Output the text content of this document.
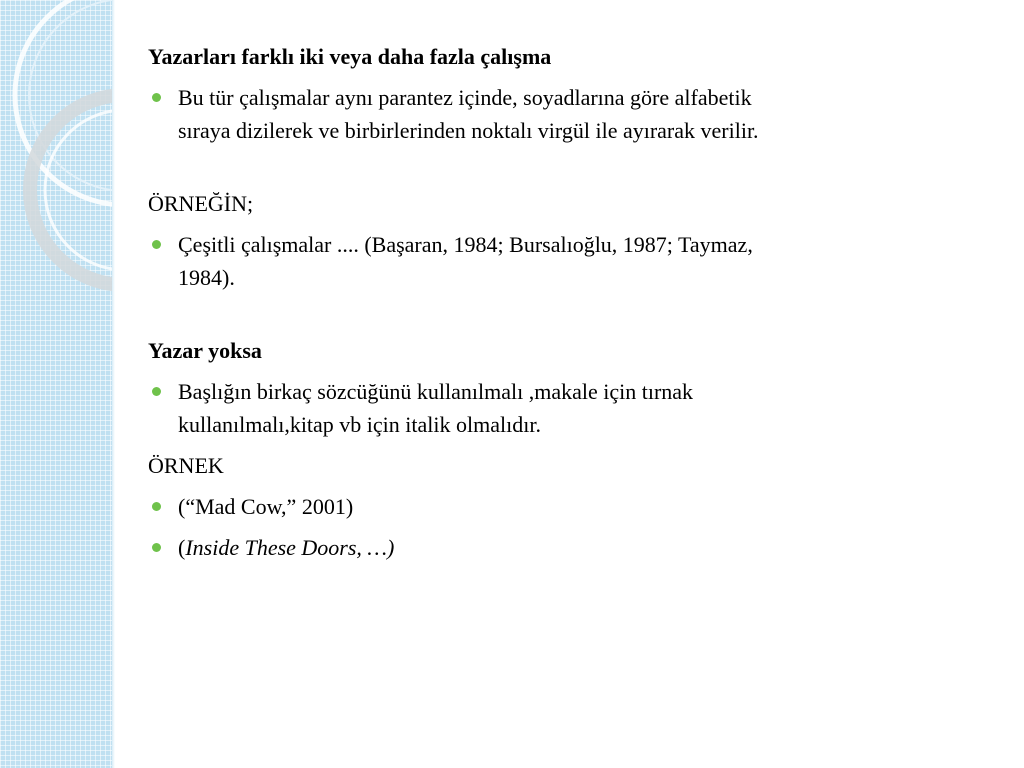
Yazarları farklı iki veya daha fazla çalışma
Bu tür çalışmalar aynı parantez içinde, soyadlarına göre alfabetik
sıraya dizilerek ve birbirlerinden noktalı virgül ile ayırarak verilir.
ÖRNEĞİN;
Çeşitli çalışmalar .... (Başaran, 1984; Bursalıoğlu, 1987; Taymaz,
1984).
Yazar yoksa
Başlığın birkaç sözcüğünü kullanılmalı ,makale için tırnak
kullanılmalı,kitap vb için italik olmalıdır.
ÖRNEK
(“Mad Cow,” 2001)
(Inside These Doors, …)
